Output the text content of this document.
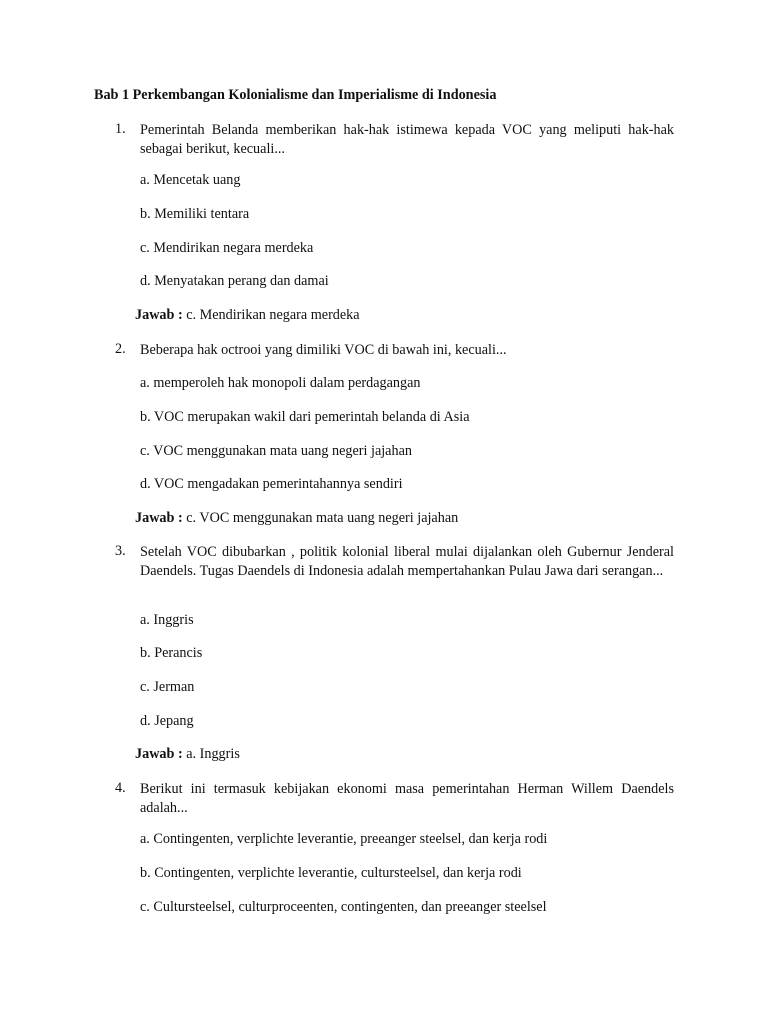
Bab 1 Perkembangan Kolonialisme dan Imperialisme di Indonesia
1. Pemerintah Belanda memberikan hak-hak istimewa kepada VOC yang meliputi hak-hak sebagai berikut, kecuali...
a. Mencetak uang
b. Memiliki tentara
c. Mendirikan negara merdeka
d. Menyatakan perang dan damai
Jawab : c. Mendirikan negara merdeka
2. Beberapa hak octrooi yang dimiliki VOC di bawah ini, kecuali...
a. memperoleh hak monopoli dalam perdagangan
b. VOC merupakan wakil dari pemerintah belanda di Asia
c. VOC menggunakan mata uang negeri jajahan
d. VOC mengadakan pemerintahannya sendiri
Jawab : c. VOC menggunakan mata uang negeri jajahan
3. Setelah VOC dibubarkan , politik kolonial liberal mulai dijalankan oleh Gubernur Jenderal Daendels. Tugas Daendels di Indonesia adalah mempertahankan Pulau Jawa dari serangan...
a. Inggris
b. Perancis
c. Jerman
d. Jepang
Jawab : a. Inggris
4. Berikut ini termasuk kebijakan ekonomi masa pemerintahan Herman Willem Daendels adalah...
a. Contingenten, verplichte leverantie, preeanger steelsel, dan kerja rodi
b. Contingenten, verplichte leverantie, cultursteelsel, dan kerja rodi
c. Cultursteelsel, culturproceenten, contingenten, dan preeanger steelsel
